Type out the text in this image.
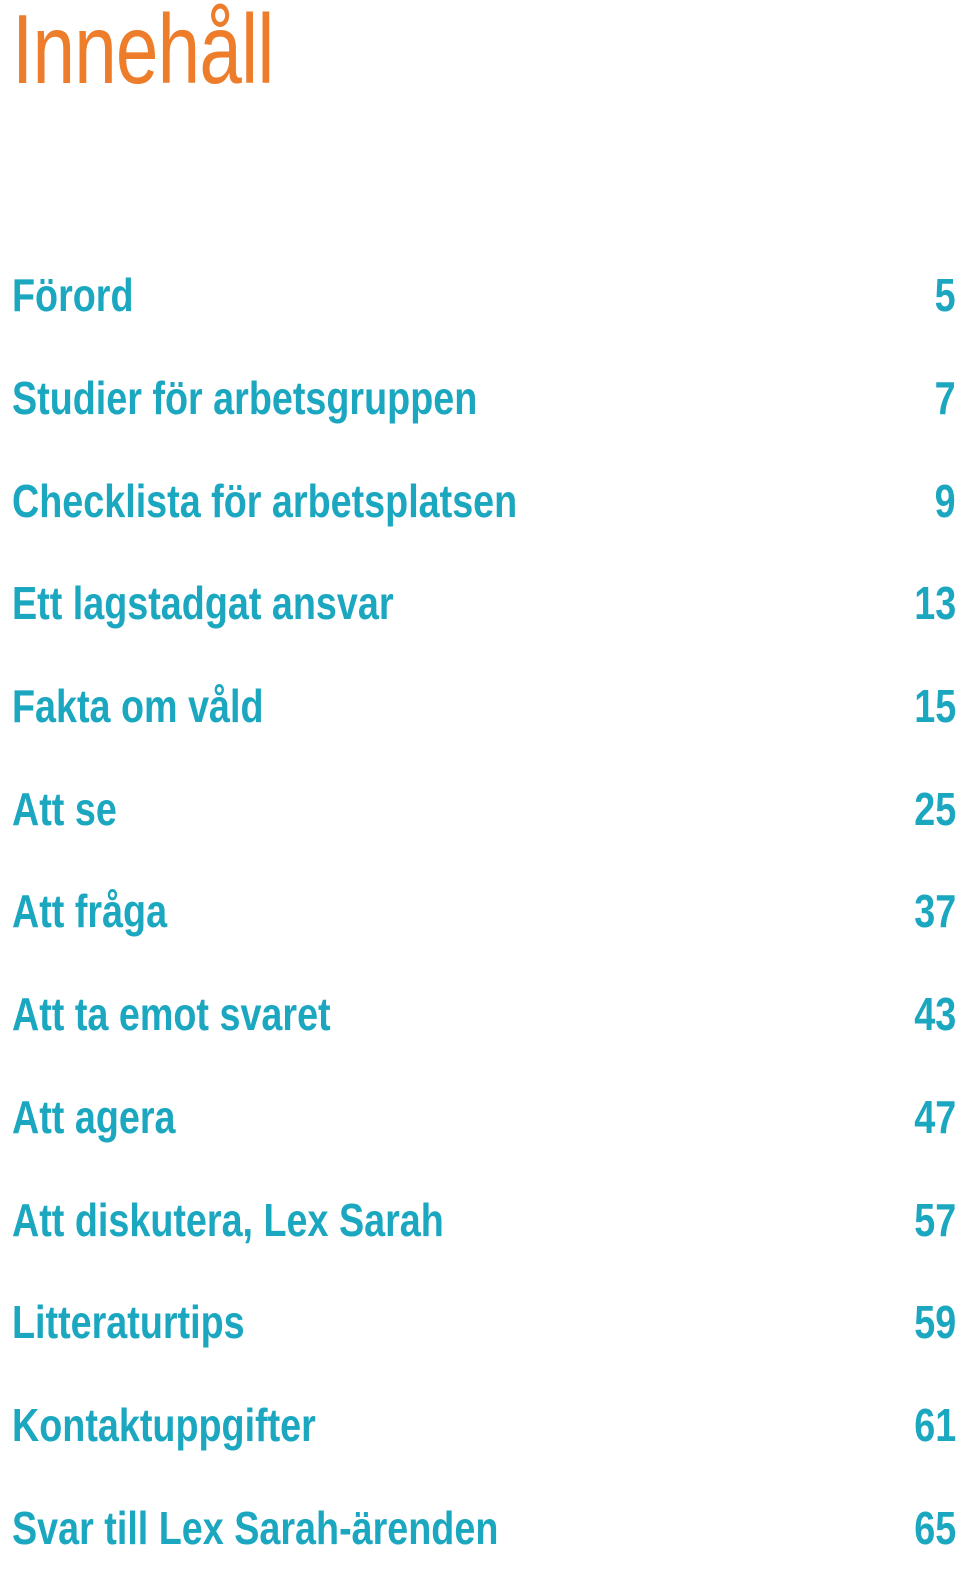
Innehåll
Förord	5
Studier för arbetsgruppen	7
Checklista för arbetsplatsen	9
Ett lagstadgat ansvar	13
Fakta om våld	15
Att se	25
Att fråga	37
Att ta emot svaret	43
Att agera	47
Att diskutera, Lex Sarah	57
Litteraturtips	59
Kontaktuppgifter	61
Svar till Lex Sarah-ärenden	65
